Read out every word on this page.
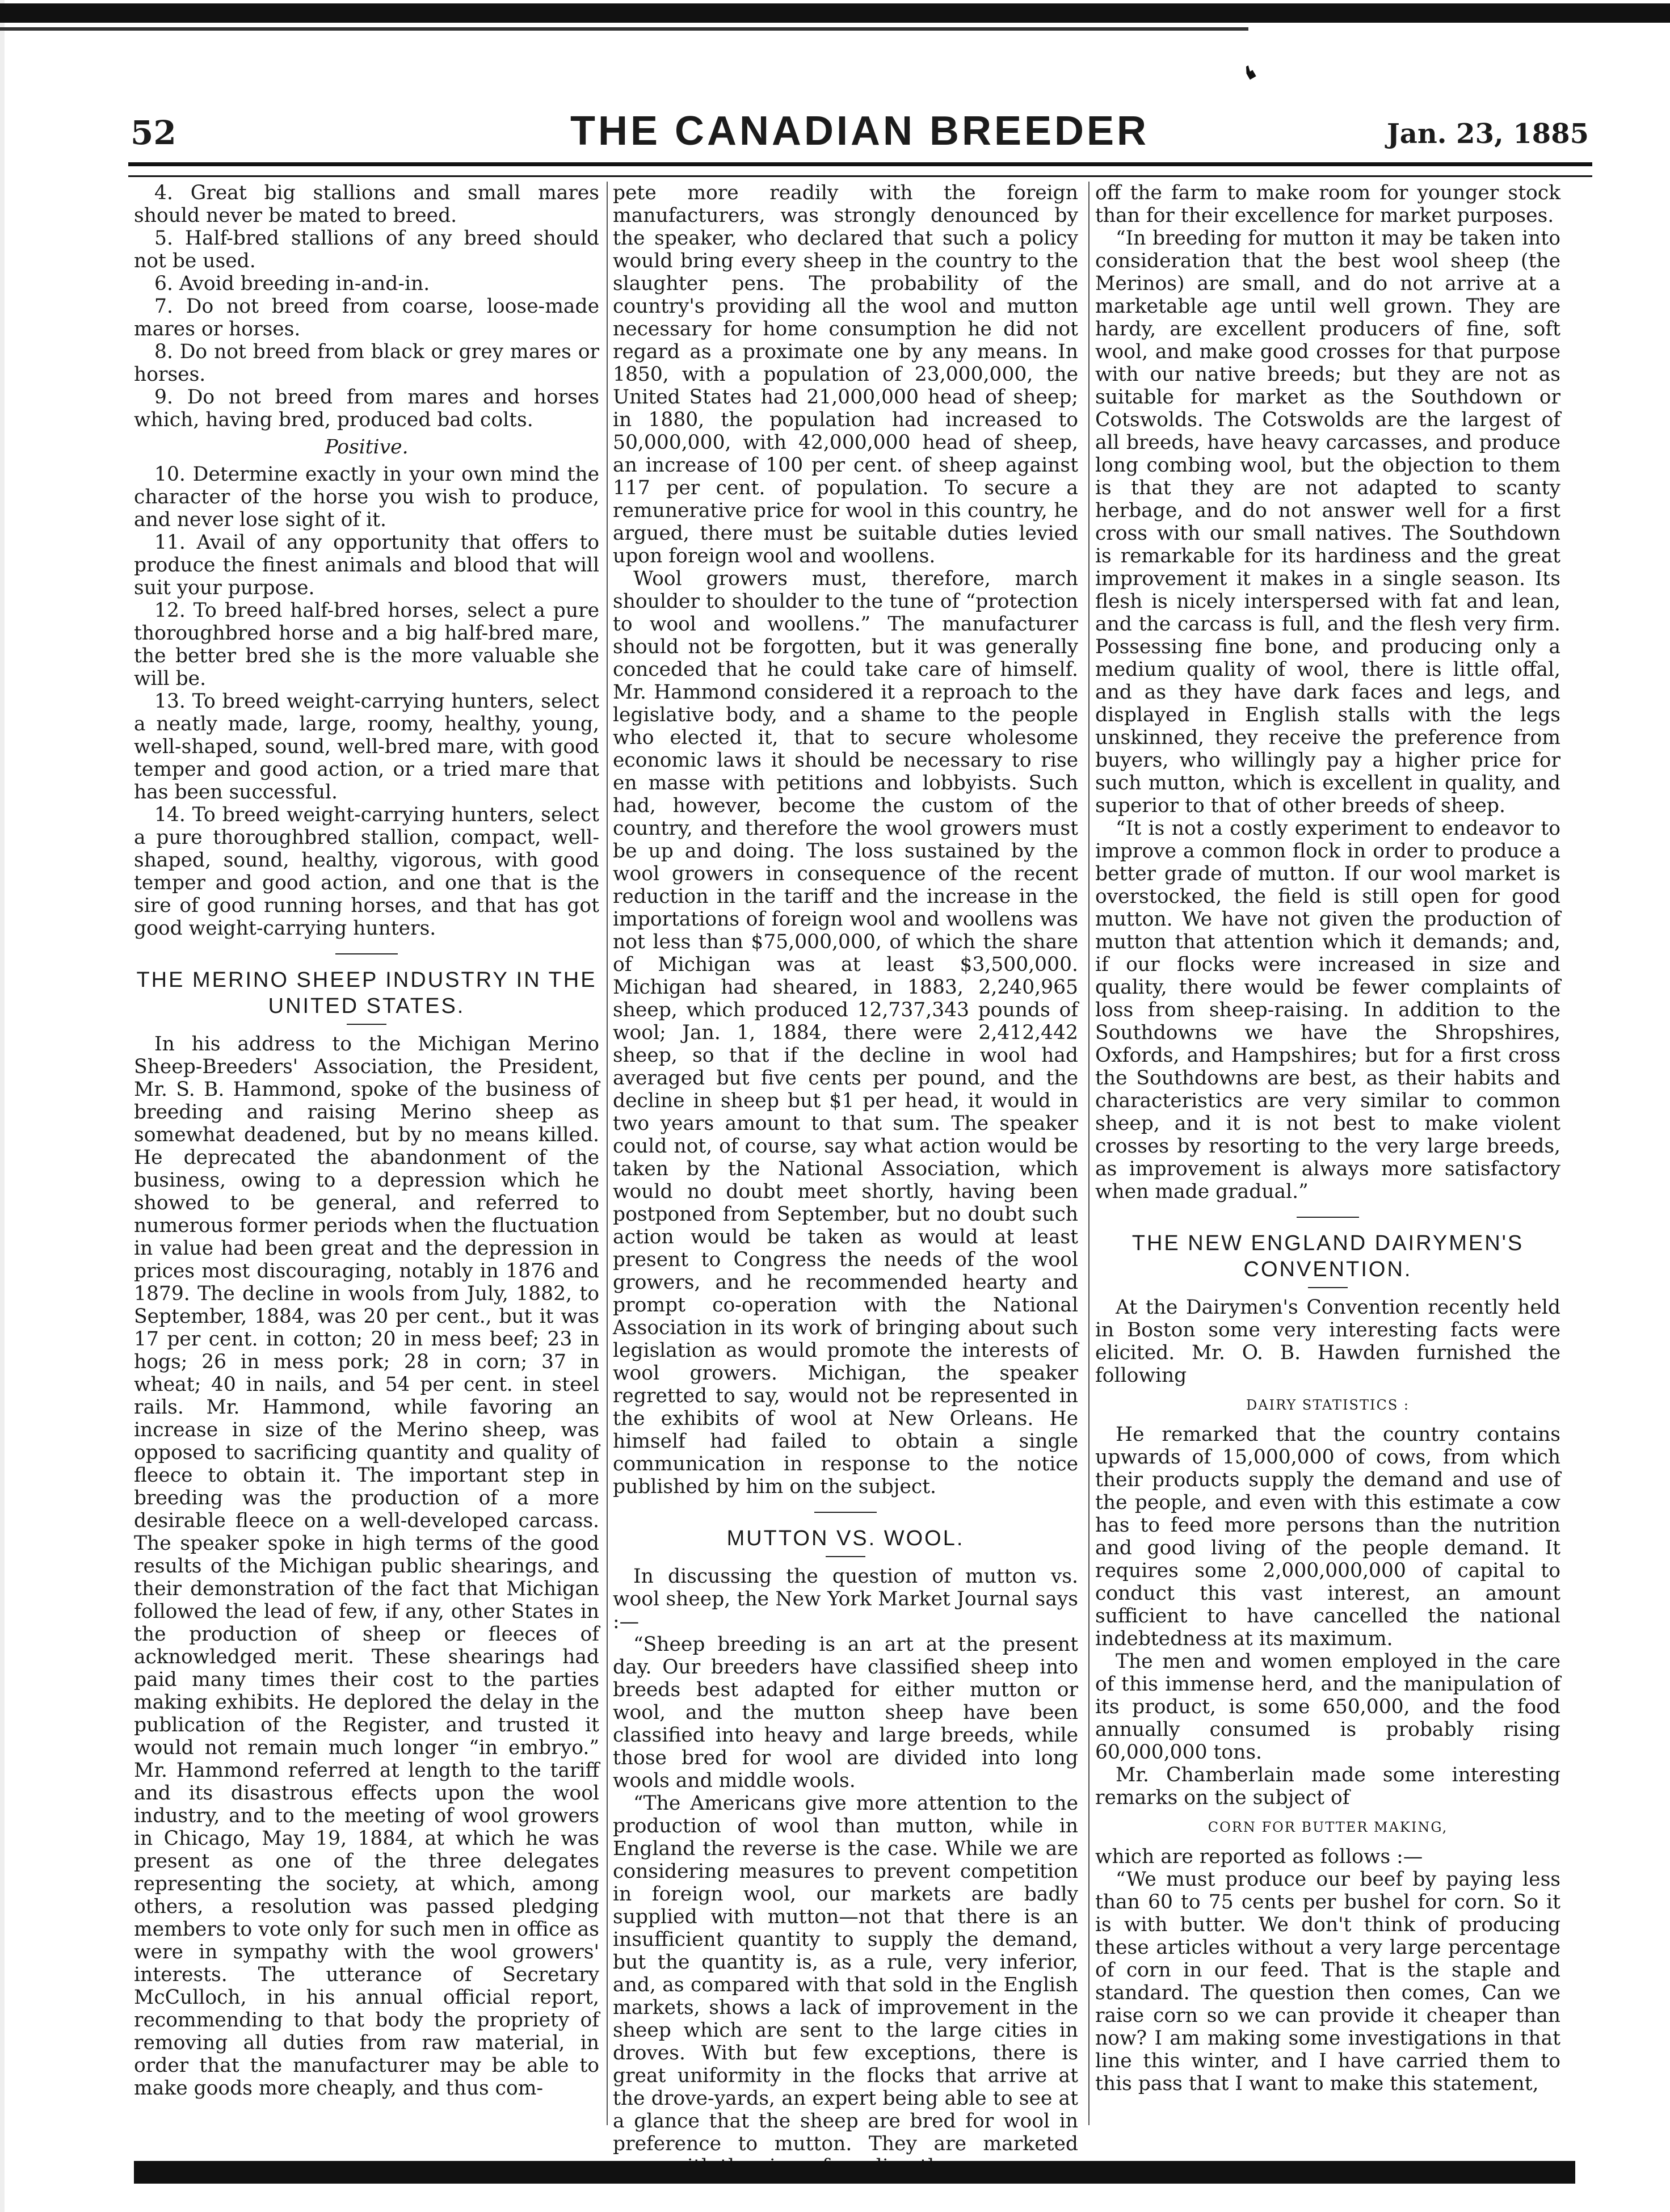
❛
52	THE CANADIAN BREEDER	Jan. 23, 1885

4. Great big stallions and small mares should never be mated to breed.

5. Half-bred stallions of any breed should not be used.

6. Avoid breeding in-and-in.

7. Do not breed from coarse, loose-made mares or horses.

8. Do not breed from black or grey mares or horses.

9. Do not breed from mares and horses which, having bred, produced bad colts.

Positive.

10. Determine exactly in your own mind the character of the horse you wish to produce, and never lose sight of it.

11. Avail of any opportunity that offers to produce the finest animals and blood that will suit your purpose.

12. To breed half-bred horses, select a pure thoroughbred horse and a big half-bred mare, the better bred she is the more valuable she will be.

13. To breed weight-carrying hunters, select a neatly made, large, roomy, healthy, young, well-shaped, sound, well-bred mare, with good temper and good action, or a tried mare that has been successful.

14. To breed weight-carrying hunters, select a pure thoroughbred stallion, compact, well-shaped, sound, healthy, vigorous, with good temper and good action, and one that is the sire of good running horses, and that has got good weight-carrying hunters.

THE MERINO SHEEP INDUSTRY IN THE UNITED STATES.

In his address to the Michigan Merino Sheep-Breeders' Association, the President, Mr. S. B. Hammond, spoke of the business of breeding and raising Merino sheep as somewhat deadened, but by no means killed. He deprecated the abandonment of the business, owing to a depression which he showed to be general, and referred to numerous former periods when the fluctuation in value had been great and the depression in prices most discouraging, notably in 1876 and 1879. The decline in wools from July, 1882, to September, 1884, was 20 per cent., but it was 17 per cent. in cotton; 20 in mess beef; 23 in hogs; 26 in mess pork; 28 in corn; 37 in wheat; 40 in nails, and 54 per cent. in steel rails. Mr. Hammond, while favoring an increase in size of the Merino sheep, was opposed to sacrificing quantity and quality of fleece to obtain it. The important step in breeding was the production of a more desirable fleece on a well-developed carcass. The speaker spoke in high terms of the good results of the Michigan public shearings, and their demonstration of the fact that Michigan followed the lead of few, if any, other States in the production of sheep or fleeces of acknowledged merit. These shearings had paid many times their cost to the parties making exhibits. He deplored the delay in the publication of the Register, and trusted it would not remain much longer “in embryo.” Mr. Hammond referred at length to the tariff and its disastrous effects upon the wool industry, and to the meeting of wool growers in Chicago, May 19, 1884, at which he was present as one of the three delegates representing the society, at which, among others, a resolution was passed pledging members to vote only for such men in office as were in sympathy with the wool growers' interests. The utterance of Secretary McCulloch, in his annual official report, recommending to that body the propriety of removing all duties from raw material, in order that the manufacturer may be able to make goods more cheaply, and thus com-

pete more readily with the foreign manufacturers, was strongly denounced by the speaker, who declared that such a policy would bring every sheep in the country to the slaughter pens. The probability of the country's providing all the wool and mutton necessary for home consumption he did not regard as a proximate one by any means. In 1850, with a population of 23,000,000, the United States had 21,000,000 head of sheep; in 1880, the population had increased to 50,000,000, with 42,000,000 head of sheep, an increase of 100 per cent. of sheep against 117 per cent. of population. To secure a remunerative price for wool in this country, he argued, there must be suitable duties levied upon foreign wool and woollens.

Wool growers must, therefore, march shoulder to shoulder to the tune of “protection to wool and woollens.” The manufacturer should not be forgotten, but it was generally conceded that he could take care of himself. Mr. Hammond considered it a reproach to the legislative body, and a shame to the people who elected it, that to secure wholesome economic laws it should be necessary to rise en masse with petitions and lobbyists. Such had, however, become the custom of the country, and therefore the wool growers must be up and doing. The loss sustained by the wool growers in consequence of the recent reduction in the tariff and the increase in the importations of foreign wool and woollens was not less than $75,000,000, of which the share of Michigan was at least $3,500,000. Michigan had sheared, in 1883, 2,240,965 sheep, which produced 12,737,343 pounds of wool; Jan. 1, 1884, there were 2,412,442 sheep, so that if the decline in wool had averaged but five cents per pound, and the decline in sheep but $1 per head, it would in two years amount to that sum. The speaker could not, of course, say what action would be taken by the National Association, which would no doubt meet shortly, having been postponed from September, but no doubt such action would be taken as would at least present to Congress the needs of the wool growers, and he recommended hearty and prompt co-operation with the National Association in its work of bringing about such legislation as would promote the interests of wool growers. Michigan, the speaker regretted to say, would not be represented in the exhibits of wool at New Orleans. He himself had failed to obtain a single communication in response to the notice published by him on the subject.

MUTTON VS. WOOL.

In discussing the question of mutton vs. wool sheep, the New York Market Journal says :—

“Sheep breeding is an art at the present day. Our breeders have classified sheep into breeds best adapted for either mutton or wool, and the mutton sheep have been classified into heavy and large breeds, while those bred for wool are divided into long wools and middle wools.

“The Americans give more attention to the production of wool than mutton, while in England the reverse is the case. While we are considering measures to prevent competition in foreign wool, our markets are badly supplied with mutton—not that there is an insufficient quantity to supply the demand, but the quantity is, as a rule, very inferior, and, as compared with that sold in the English markets, shows a lack of improvement in the sheep which are sent to the large cities in droves. With but few exceptions, there is great uniformity in the flocks that arrive at the drove-yards, an expert being able to see at a glance that the sheep are bred for wool in preference to mutton. They are marketed

off the farm to make room for younger stock than for their excellence for market purposes.

“In breeding for mutton it may be taken into consideration that the best wool sheep (the Merinos) are small, and do not arrive at a marketable age until well grown. They are hardy, are excellent producers of fine, soft wool, and make good crosses for that purpose with our native breeds; but they are not as suitable for market as the Southdown or Cotswolds. The Cotswolds are the largest of all breeds, have heavy carcasses, and produce long combing wool, but the objection to them is that they are not adapted to scanty herbage, and do not answer well for a first cross with our small natives. The Southdown is remarkable for its hardiness and the great improvement it makes in a single season. Its flesh is nicely interspersed with fat and lean, and the carcass is full, and the flesh very firm. Possessing fine bone, and producing only a medium quality of wool, there is little offal, and as they have dark faces and legs, and displayed in English stalls with the legs unskinned, they receive the preference from buyers, who willingly pay a higher price for such mutton, which is excellent in quality, and superior to that of other breeds of sheep.

“It is not a costly experiment to endeavor to improve a common flock in order to produce a better grade of mutton. If our wool market is overstocked, the field is still open for good mutton. We have not given the production of mutton that attention which it demands; and, if our flocks were increased in size and quality, there would be fewer complaints of loss from sheep-raising. In addition to the Southdowns we have the Shropshires, Oxfords, and Hampshires; but for a first cross the Southdowns are best, as their habits and characteristics are very similar to common sheep, and it is not best to make violent crosses by resorting to the very large breeds, as improvement is always more satisfactory when made gradual.”

THE NEW ENGLAND DAIRYMEN'S CONVENTION.

At the Dairymen's Convention recently held in Boston some very interesting facts were elicited. Mr. O. B. Hawden furnished the following

DAIRY STATISTICS :

He remarked that the country contains upwards of 15,000,000 of cows, from which their products supply the demand and use of the people, and even with this estimate a cow has to feed more persons than the nutrition and good living of the people demand. It requires some 2,000,000,000 of capital to conduct this vast interest, an amount sufficient to have cancelled the national indebtedness at its maximum.

The men and women employed in the care of this immense herd, and the manipulation of its product, is some 650,000, and the food annually consumed is probably rising 60,000,000 tons.

Mr. Chamberlain made some interesting remarks on the subject of

CORN FOR BUTTER MAKING,

which are reported as follows :—

“We must produce our beef by paying less than 60 to 75 cents per bushel for corn. So it is with butter. We don't think of producing these articles without a very large percentage of corn in our feed. That is the staple and standard. The question then comes, Can we raise corn so we can provide it cheaper than now? I am making some investigations in that line this winter, and I have carried them to this pass that I want to make this statement,
